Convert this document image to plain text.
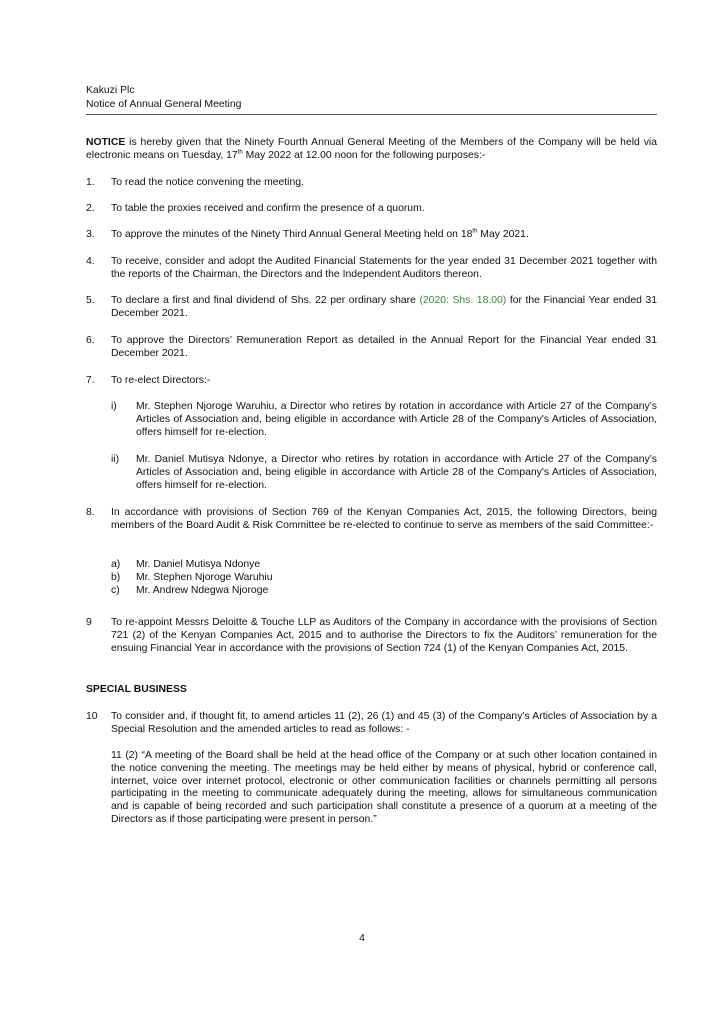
Kakuzi Plc
Notice of Annual General Meeting
NOTICE is hereby given that the Ninety Fourth Annual General Meeting of the Members of the Company will be held via electronic means on Tuesday, 17th May 2022 at 12.00 noon for the following purposes:-
1. To read the notice convening the meeting.
2. To table the proxies received and confirm the presence of a quorum.
3. To approve the minutes of the Ninety Third Annual General Meeting held on 18th May 2021.
4. To receive, consider and adopt the Audited Financial Statements for the year ended 31 December 2021 together with the reports of the Chairman, the Directors and the Independent Auditors thereon.
5. To declare a first and final dividend of Shs. 22 per ordinary share (2020: Shs. 18.00) for the Financial Year ended 31 December 2021.
6. To approve the Directors’ Remuneration Report as detailed in the Annual Report for the Financial Year ended 31 December 2021.
7. To re-elect Directors:-
i) Mr. Stephen Njoroge Waruhiu, a Director who retires by rotation in accordance with Article 27 of the Company’s Articles of Association and, being eligible in accordance with Article 28 of the Company's Articles of Association, offers himself for re-election.
ii) Mr. Daniel Mutisya Ndonye, a Director who retires by rotation in accordance with Article 27 of the Company’s Articles of Association and, being eligible in accordance with Article 28 of the Company's Articles of Association, offers himself for re-election.
8. In accordance with provisions of Section 769 of the Kenyan Companies Act, 2015, the following Directors, being members of the Board Audit & Risk Committee be re-elected to continue to serve as members of the said Committee:-
a) Mr. Daniel Mutisya Ndonye
b) Mr. Stephen Njoroge Waruhiu
c) Mr. Andrew Ndegwa Njoroge
9 To re-appoint Messrs Deloitte & Touche LLP as Auditors of the Company in accordance with the provisions of Section 721 (2) of the Kenyan Companies Act, 2015 and to authorise the Directors to fix the Auditors’ remuneration for the ensuing Financial Year in accordance with the provisions of Section 724 (1) of the Kenyan Companies Act, 2015.
SPECIAL BUSINESS
10 To consider and, if thought fit, to amend articles 11 (2), 26 (1) and 45 (3) of the Company’s Articles of Association by a Special Resolution and the amended articles to read as follows: -
11 (2) “A meeting of the Board shall be held at the head office of the Company or at such other location contained in the notice convening the meeting. The meetings may be held either by means of physical, hybrid or conference call, internet, voice over internet protocol, electronic or other communication facilities or channels permitting all persons participating in the meeting to communicate adequately during the meeting, allows for simultaneous communication and is capable of being recorded and such participation shall constitute a presence of a quorum at a meeting of the Directors as if those participating were present in person.”
4
